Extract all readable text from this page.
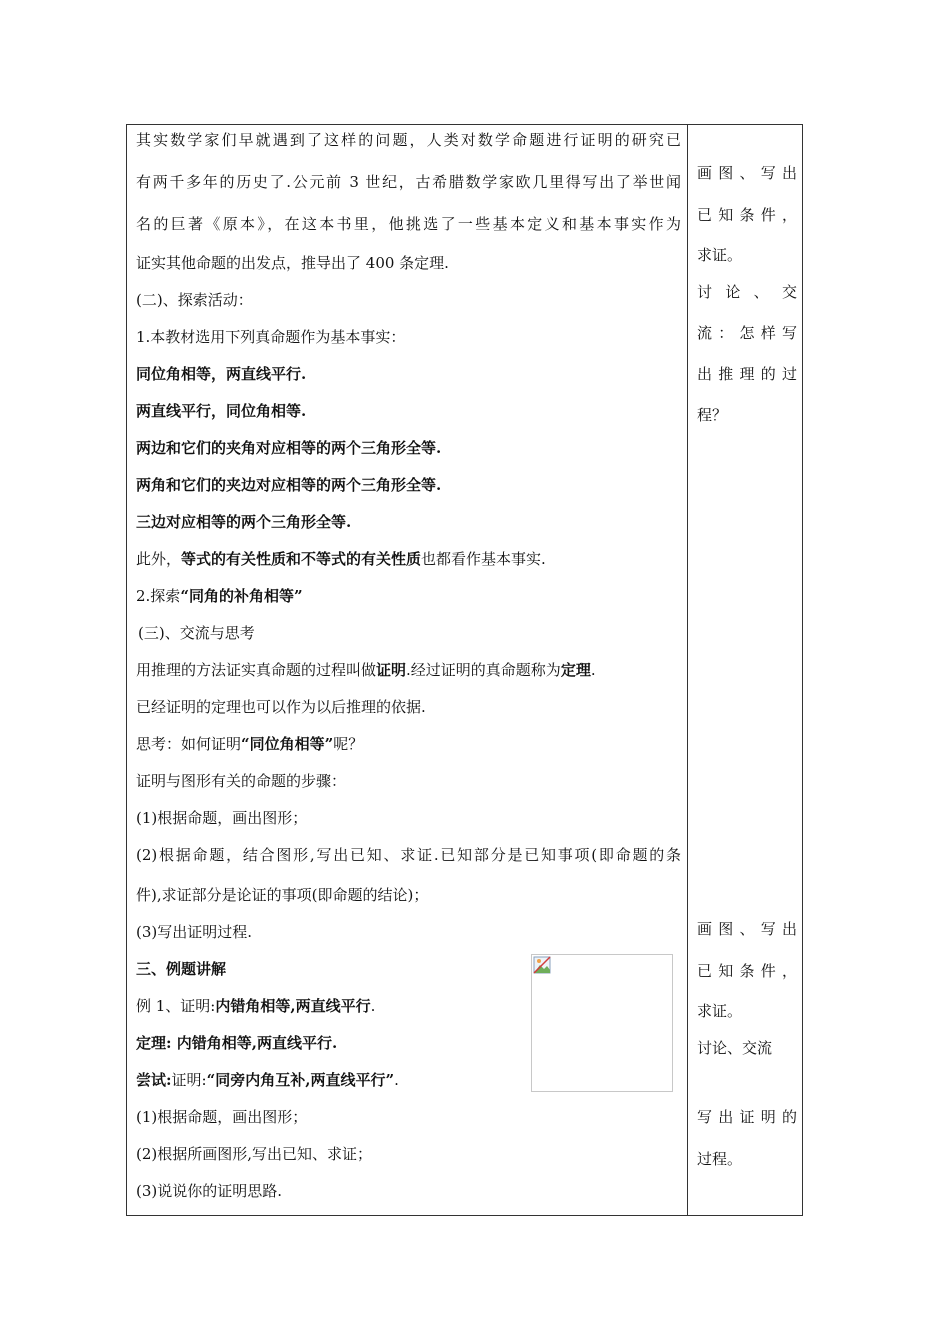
其实数学家们早就遇到了这样的问题，人类对数学命题进行证明的研究已
有两千多年的历史了.公元前 3 世纪，古希腊数学家欧几里得写出了举世闻
名的巨著《原本》，在这本书里，他挑选了一些基本定义和基本事实作为
证实其他命题的出发点，推导出了 400 条定理.
(二)、探索活动：
1.本教材选用下列真命题作为基本事实：
同位角相等，两直线平行.
两直线平行，同位角相等.
两边和它们的夹角对应相等的两个三角形全等.
两角和它们的夹边对应相等的两个三角形全等.
三边对应相等的两个三角形全等.
此外，等式的有关性质和不等式的有关性质也都看作基本事实.
2.探索“同角的补角相等”
(三)、交流与思考
用推理的方法证实真命题的过程叫做证明.经过证明的真命题称为定理.
已经证明的定理也可以作为以后推理的依据.
思考：如何证明“同位角相等”呢？
证明与图形有关的命题的步骤：
(1)根据命题，画出图形；
(2)根据命题，结合图形,写出已知、求证.已知部分是已知事项(即命题的条
件),求证部分是论证的事项(即命题的结论)；
(3)写出证明过程.
三、例题讲解
例 1、证明:内错角相等,两直线平行.
定理: 内错角相等,两直线平行.
尝试:证明:“同旁内角互补,两直线平行”.
(1)根据命题，画出图形；
(2)根据所画图形,写出已知、求证；
(3)说说你的证明思路.
画图、写出
已知条件，
求证。
讨论、交
流：怎样写
出推理的过
程？
画图、写出
已知条件，
求证。
讨论、交流
写出证明的
过程。
